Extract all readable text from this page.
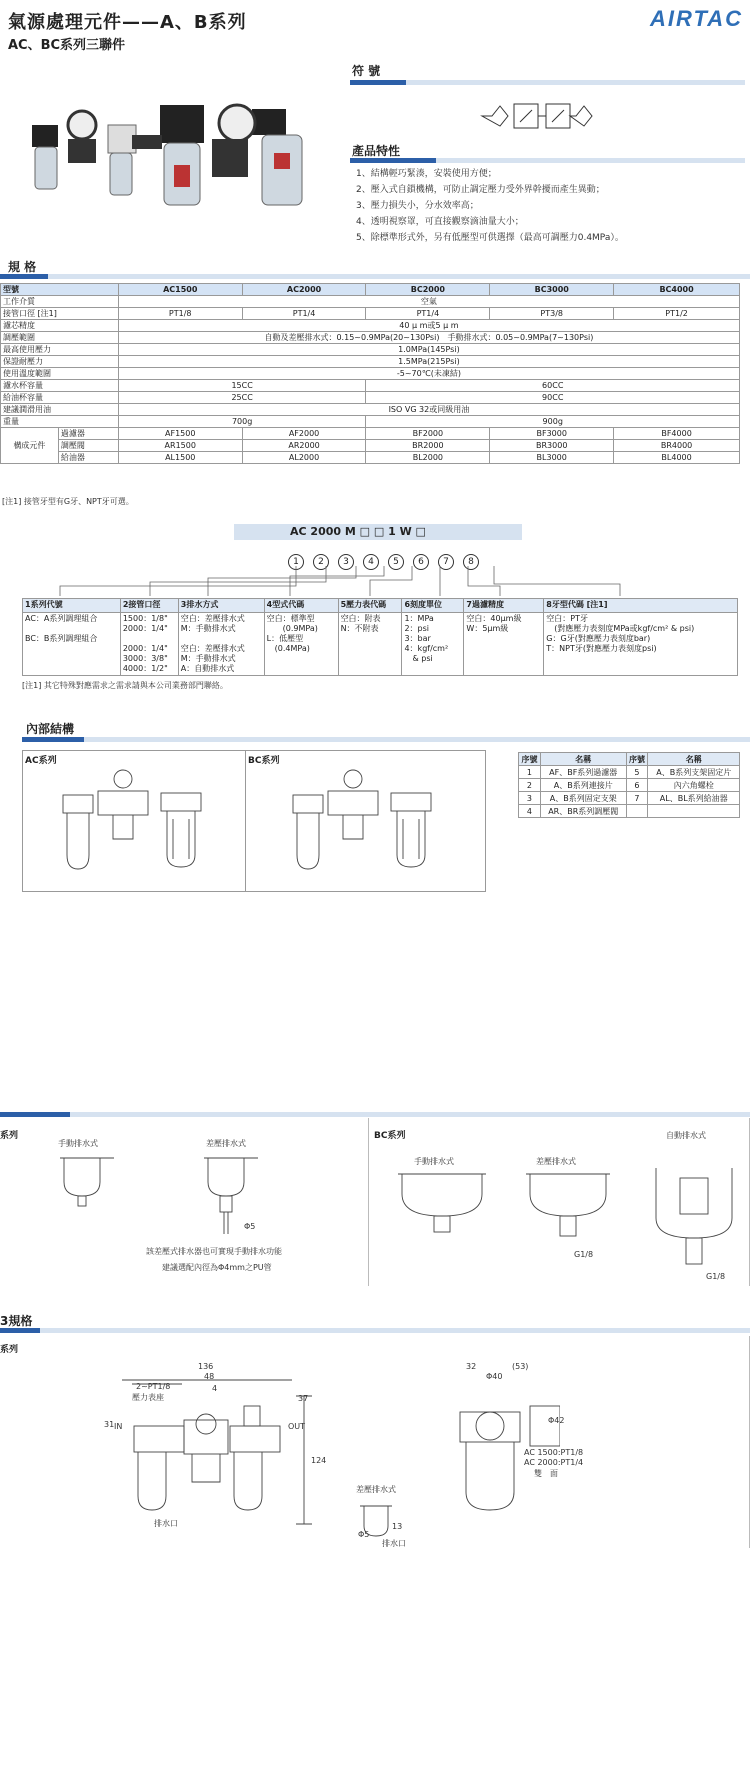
氣源處理元件——A、B系列	AIRTAC
AC、BC系列三聯件
符 號
產品特性
1、結構輕巧緊湊，安裝使用方便；
2、壓入式自鎖機構，可防止調定壓力受外界幹擾而產生異動；
3、壓力損失小，分水效率高；
4、透明視察罩，可直接觀察滴油量大小；
5、除標準形式外，另有低壓型可供選擇（最高可調壓力0.4MPa）。
規 格
型號		AC1500	AC2000	BC2000	BC3000	BC4000
工作介質		空氣				
接管口徑 [注1]		PT1/8	PT1/4	PT1/4	PT3/8	PT1/2
濾芯精度		40 μ m或5 μ m				
調壓範圍		自動及差壓排水式：0.15~0.9MPa(20~130Psi)　手動排水式：0.05~0.9MPa(7~130Psi)				
最高使用壓力		1.0MPa(145Psi)				
保證耐壓力		1.5MPa(215Psi)				
使用溫度範圍		-5~70℃(未凍結)				
濾水杯容量		15CC		60CC		
給油杯容量		25CC		90CC		
建議潤滑用油		ISO VG 32或同級用油				
重量		700g		900g		
構成元件	過濾器	AF1500	AF2000	BF2000	BF3000	BF4000
	調壓閥	AR1500	AR2000	BR2000	BR3000	BR4000
	給油器	AL1500	AL2000	BL2000	BL3000	BL4000
[注1] 接管牙型有G牙、NPT牙可選。
AC 2000 M □ □ 1 W □
1 2 3 4 5 6 7 8
1系列代號	2接管口徑	3排水方式	4型式代碼	5壓力表代碼	6刻度單位	7過濾精度	8牙型代碼 [注1]
AC：A系列調理組合

BC：B系列調理組合	1500：1/8"
2000：1/4"

2000：1/4"
3000：3/8"
4000：1/2"	空白：差壓排水式
M：手動排水式

空白：差壓排水式
M：手動排水式
A：自動排水式	空白：標準型
　　(0.9MPa)
L：低壓型
　(0.4MPa)	空白：附表
N：不附表	1：MPa
2：psi
3：bar
4：kgf/cm²
　& psi	空白：40μm級
W：5μm級	空白：PT牙
　(對應壓力表刻度MPa或kgf/cm² & psi)
G：G牙(對應壓力表刻度bar)
T：NPT牙(對應壓力表刻度psi)
[注1] 其它特殊對應需求之需求請與本公司業務部門聯絡。
內部結構
AC系列	BC系列	序號	名稱	序號	名稱
1	AF、BF系列過濾器	5	A、B系列支架固定片
2	A、B系列連接片	6	內六角螺栓
3	A、B系列固定支架	7	AL、BL系列給油器
4	AR、BR系列調壓閥		
系列
手動排水式	差壓排水式
Φ5
該差壓式排水器也可實現手動排水功能
建議選配內徑為Φ4mm之PU管
BC系列
手動排水式	差壓排水式
自動排水式
G1/8
G1/8
3規格
系列
136
48
4
2~PT1/8
壓力表座	37
124
31 IN	OUT
排水口
差壓排水式
13
Φ5
排水口
32	(53)
Φ40
Φ42
AC 1500:PT1/8
AC 2000:PT1/4
雙　面
